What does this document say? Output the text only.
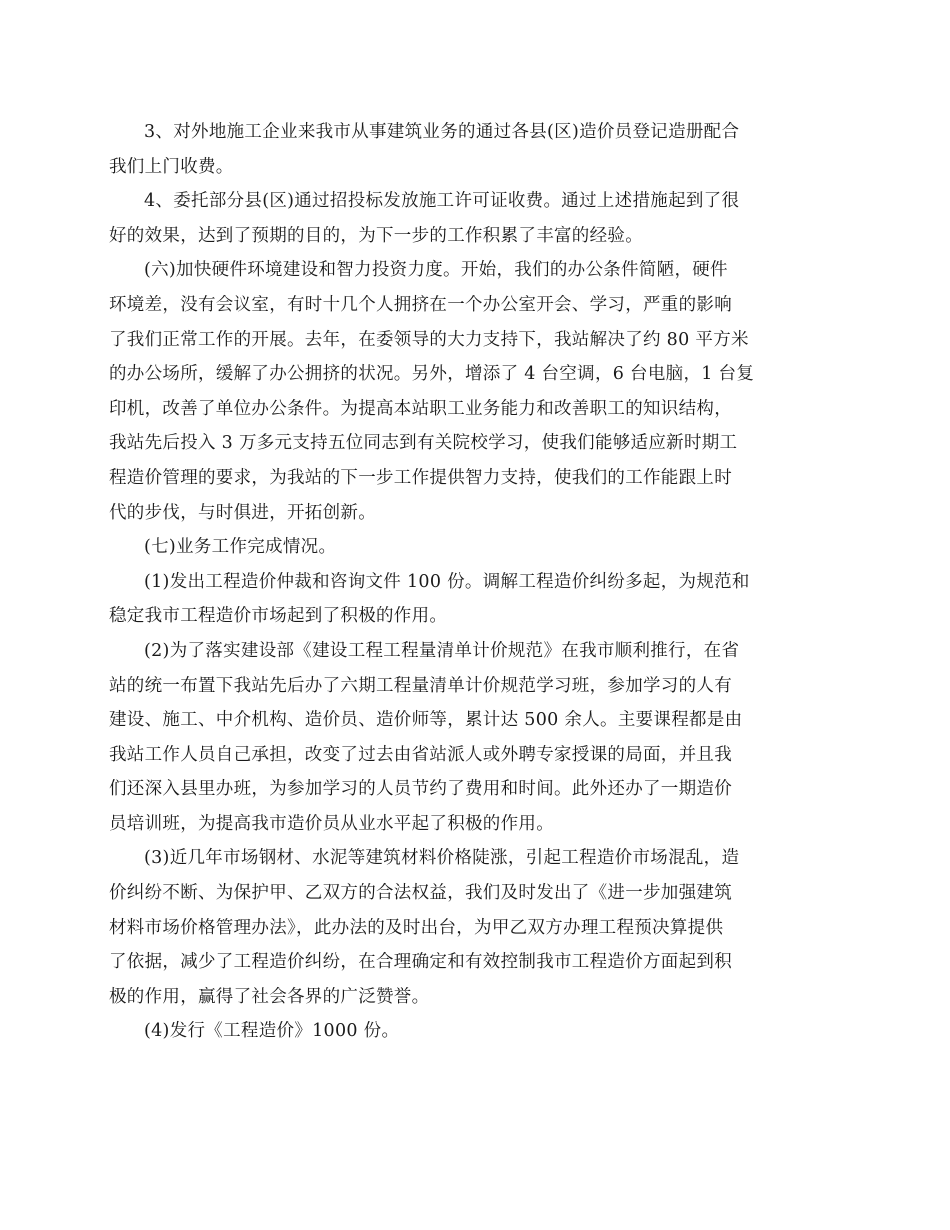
3、对外地施工企业来我市从事建筑业务的通过各县(区)造价员登记造册配合
我们上门收费。

4、委托部分县(区)通过招投标发放施工许可证收费。通过上述措施起到了很
好的效果，达到了预期的目的，为下一步的工作积累了丰富的经验。

(六)加快硬件环境建设和智力投资力度。开始，我们的办公条件简陋，硬件
环境差，没有会议室，有时十几个人拥挤在一个办公室开会、学习，严重的影响
了我们正常工作的开展。去年，在委领导的大力支持下，我站解决了约 80 平方米
的办公场所，缓解了办公拥挤的状况。另外，增添了 4 台空调，6 台电脑，1 台复
印机，改善了单位办公条件。为提高本站职工业务能力和改善职工的知识结构，
我站先后投入 3 万多元支持五位同志到有关院校学习，使我们能够适应新时期工
程造价管理的要求，为我站的下一步工作提供智力支持，使我们的工作能跟上时
代的步伐，与时俱进，开拓创新。

(七)业务工作完成情况。

(1)发出工程造价仲裁和咨询文件 100 份。调解工程造价纠纷多起，为规范和
稳定我市工程造价市场起到了积极的作用。

(2)为了落实建设部《建设工程工程量清单计价规范》在我市顺利推行，在省
站的统一布置下我站先后办了六期工程量清单计价规范学习班，参加学习的人有
建设、施工、中介机构、造价员、造价师等，累计达 500 余人。主要课程都是由
我站工作人员自己承担，改变了过去由省站派人或外聘专家授课的局面，并且我
们还深入县里办班，为参加学习的人员节约了费用和时间。此外还办了一期造价
员培训班，为提高我市造价员从业水平起了积极的作用。

(3)近几年市场钢材、水泥等建筑材料价格陡涨，引起工程造价市场混乱，造
价纠纷不断、为保护甲、乙双方的合法权益，我们及时发出了《进一步加强建筑
材料市场价格管理办法》，此办法的及时出台，为甲乙双方办理工程预决算提供
了依据，减少了工程造价纠纷，在合理确定和有效控制我市工程造价方面起到积
极的作用，赢得了社会各界的广泛赞誉。

(4)发行《工程造价》1000 份。
